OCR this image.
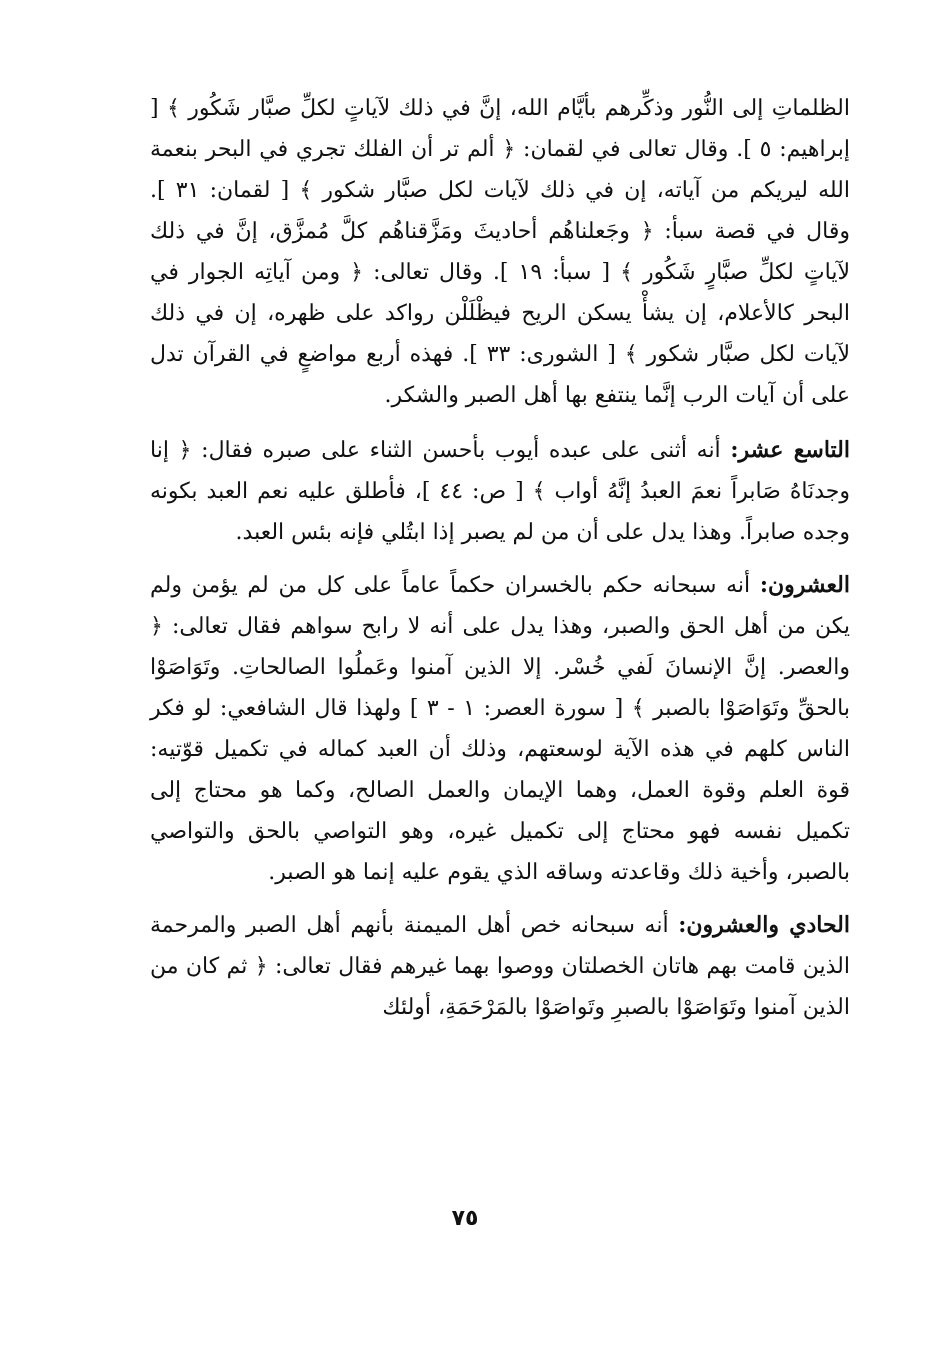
الظلماتِ إلى النُّور وذكِّرهم بأيَّام الله، إنَّ في ذلك لآياتٍ لكلِّ صبَّار شَكُور ﴾ [ إبراهيم: ٥ ]. وقال تعالى في لقمان: ﴿ ألم تر أن الفلك تجري في البحر بنعمة الله ليريكم من آياته، إن في ذلك لآيات لكل صبَّار شكور ﴾ [ لقمان: ٣١ ]. وقال في قصة سبأ: ﴿ وجَعلناهُم أحاديثَ ومَزَّقناهُم كلَّ مُمزَّق، إنَّ في ذلك لآياتٍ لكلِّ صبَّارٍ شَكُور ﴾ [ سبأ: ١٩ ]. وقال تعالى: ﴿ ومن آياتِه الجوار في البحر كالأعلام، إن يشأْ يسكن الريح فيظْلَلْن رواكد على ظهره، إن في ذلك لآيات لكل صبَّار شكور ﴾ [ الشورى: ٣٣ ]. فهذه أربع مواضعٍ في القرآن تدل على أن آيات الرب إنَّما ينتفع بها أهل الصبر والشكر.

التاسع عشر: أنه أثنى على عبده أيوب بأحسن الثناء على صبره فقال: ﴿ إنا وجدنَاهُ صَابراً نعمَ العبدُ إنَّهُ أواب ﴾ [ ص: ٤٤ ]، فأطلق عليه نعم العبد بكونه وجده صابراً. وهذا يدل على أن من لم يصبر إذا ابتُلي فإنه بئس العبد.

العشرون: أنه سبحانه حكم بالخسران حكماً عاماً على كل من لم يؤمن ولم يكن من أهل الحق والصبر، وهذا يدل على أنه لا رابح سواهم فقال تعالى: ﴿ والعصر. إنَّ الإنسانَ لَفي خُسْر. إلا الذين آمنوا وعَملُوا الصالحاتِ. وتَوَاصَوْا بالحقِّ وتَوَاصَوْا بالصبر ﴾ [ سورة العصر: ١ - ٣ ] ولهذا قال الشافعي: لو فكر الناس كلهم في هذه الآية لوسعتهم، وذلك أن العبد كماله في تكميل قوّتيه: قوة العلم وقوة العمل، وهما الإيمان والعمل الصالح، وكما هو محتاج إلى تكميل نفسه فهو محتاج إلى تكميل غيره، وهو التواصي بالحق والتواصي بالصبر، وأخية ذلك وقاعدته وساقه الذي يقوم عليه إنما هو الصبر.

الحادي والعشرون: أنه سبحانه خص أهل الميمنة بأنهم أهل الصبر والمرحمة الذين قامت بهم هاتان الخصلتان ووصوا بهما غيرهم فقال تعالى: ﴿ ثم كان من الذين آمنوا وتَوَاصَوْا بالصبرِ وتَواصَوْا بالمَرْحَمَةِ، أولئك

٧٥
